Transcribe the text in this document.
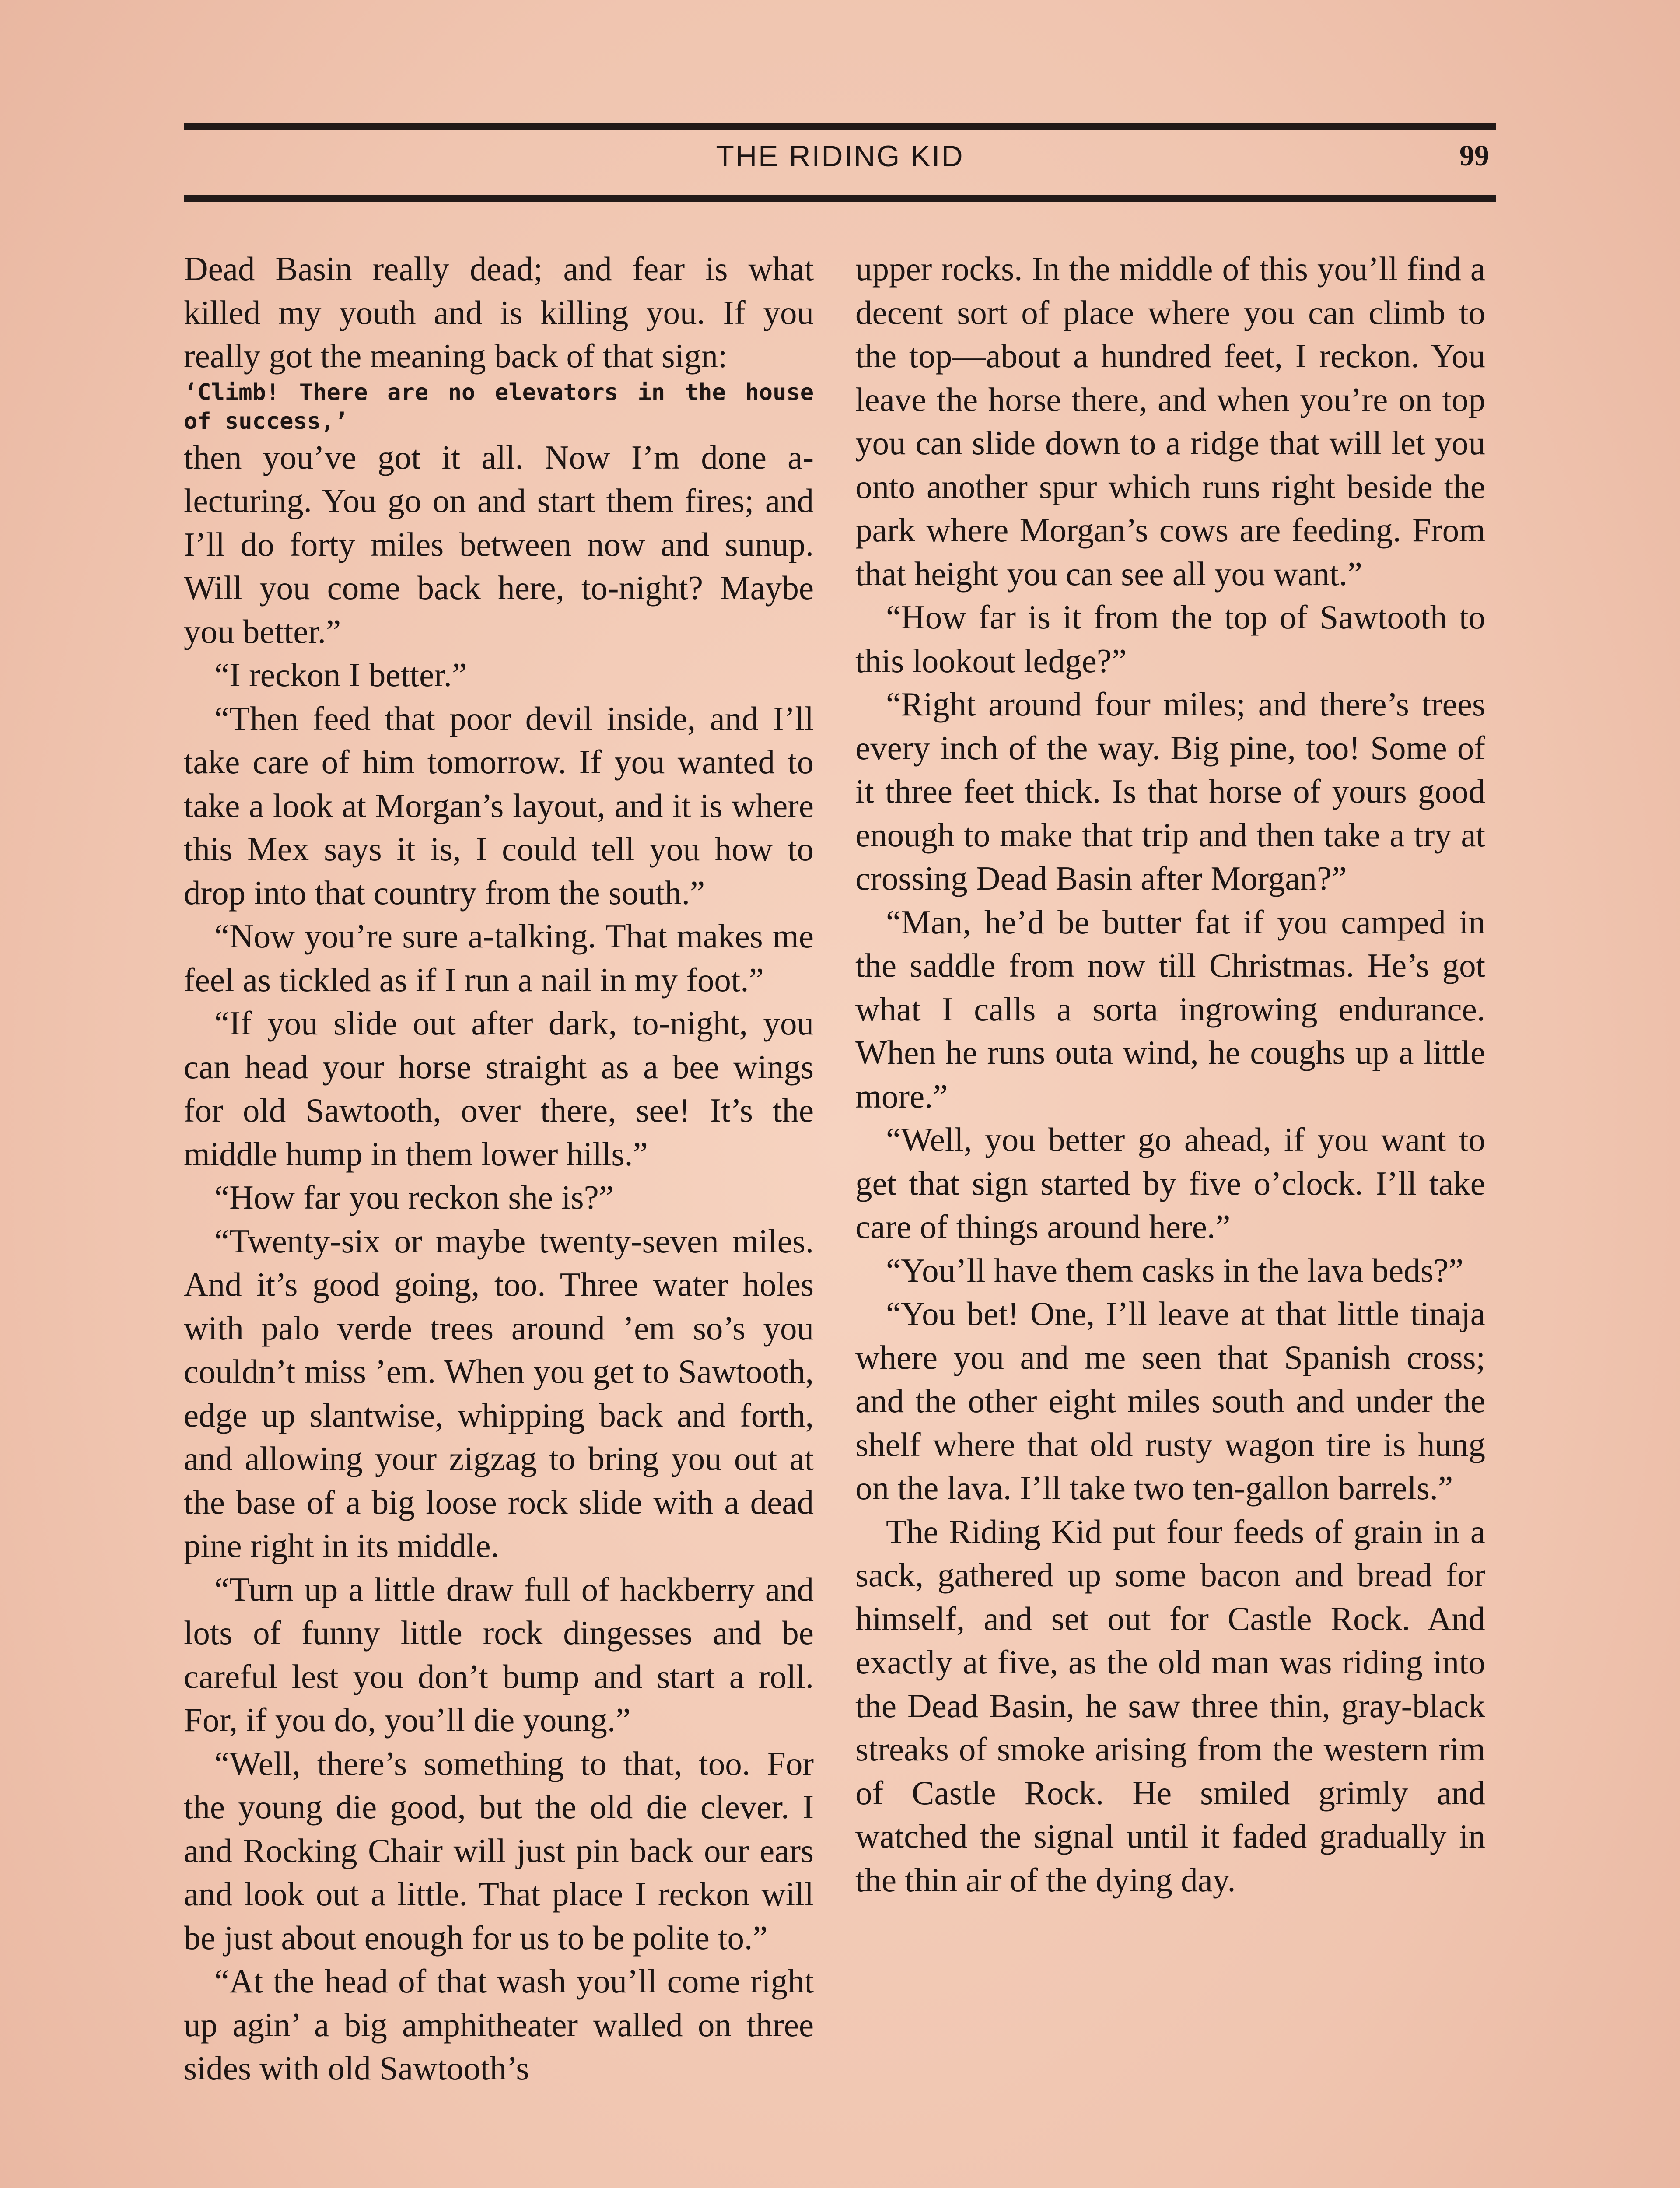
THE RIDING KID	99

Dead Basin really dead; and fear is what killed my youth and is killing you. If you really got the meaning back of that sign:

‘Climb! There are no elevators in the house of success,’

then you’ve got it all. Now I’m done a-lecturing. You go on and start them fires; and I’ll do forty miles between now and sunup. Will you come back here, to-night? Maybe you better.”

“I reckon I better.”

“Then feed that poor devil inside, and I’ll take care of him tomorrow. If you wanted to take a look at Morgan’s layout, and it is where this Mex says it is, I could tell you how to drop into that country from the south.”

“Now you’re sure a-talking. That makes me feel as tickled as if I run a nail in my foot.”

“If you slide out after dark, to-night, you can head your horse straight as a bee wings for old Sawtooth, over there, see! It’s the middle hump in them lower hills.”

“How far you reckon she is?”

“Twenty-six or maybe twenty-seven miles. And it’s good going, too. Three water holes with palo verde trees around ’em so’s you couldn’t miss ’em. When you get to Sawtooth, edge up slantwise, whipping back and forth, and allowing your zigzag to bring you out at the base of a big loose rock slide with a dead pine right in its middle.

“Turn up a little draw full of hackberry and lots of funny little rock dingesses and be careful lest you don’t bump and start a roll. For, if you do, you’ll die young.”

“Well, there’s something to that, too. For the young die good, but the old die clever. I and Rocking Chair will just pin back our ears and look out a little. That place I reckon will be just about enough for us to be polite to.”

“At the head of that wash you’ll come right up agin’ a big amphitheater walled on three sides with old Sawtooth’s

upper rocks. In the middle of this you’ll find a decent sort of place where you can climb to the top—about a hundred feet, I reckon. You leave the horse there, and when you’re on top you can slide down to a ridge that will let you onto another spur which runs right beside the park where Morgan’s cows are feeding. From that height you can see all you want.”

“How far is it from the top of Sawtooth to this lookout ledge?”

“Right around four miles; and there’s trees every inch of the way. Big pine, too! Some of it three feet thick. Is that horse of yours good enough to make that trip and then take a try at crossing Dead Basin after Morgan?”

“Man, he’d be butter fat if you camped in the saddle from now till Christmas. He’s got what I calls a sorta ingrowing endurance. When he runs outa wind, he coughs up a little more.”

“Well, you better go ahead, if you want to get that sign started by five o’clock. I’ll take care of things around here.”

“You’ll have them casks in the lava beds?”

“You bet! One, I’ll leave at that little tinaja where you and me seen that Spanish cross; and the other eight miles south and under the shelf where that old rusty wagon tire is hung on the lava. I’ll take two ten-gallon barrels.”

The Riding Kid put four feeds of grain in a sack, gathered up some bacon and bread for himself, and set out for Castle Rock. And exactly at five, as the old man was riding into the Dead Basin, he saw three thin, gray-black streaks of smoke arising from the western rim of Castle Rock. He smiled grimly and watched the signal until it faded gradually in the thin air of the dying day.
